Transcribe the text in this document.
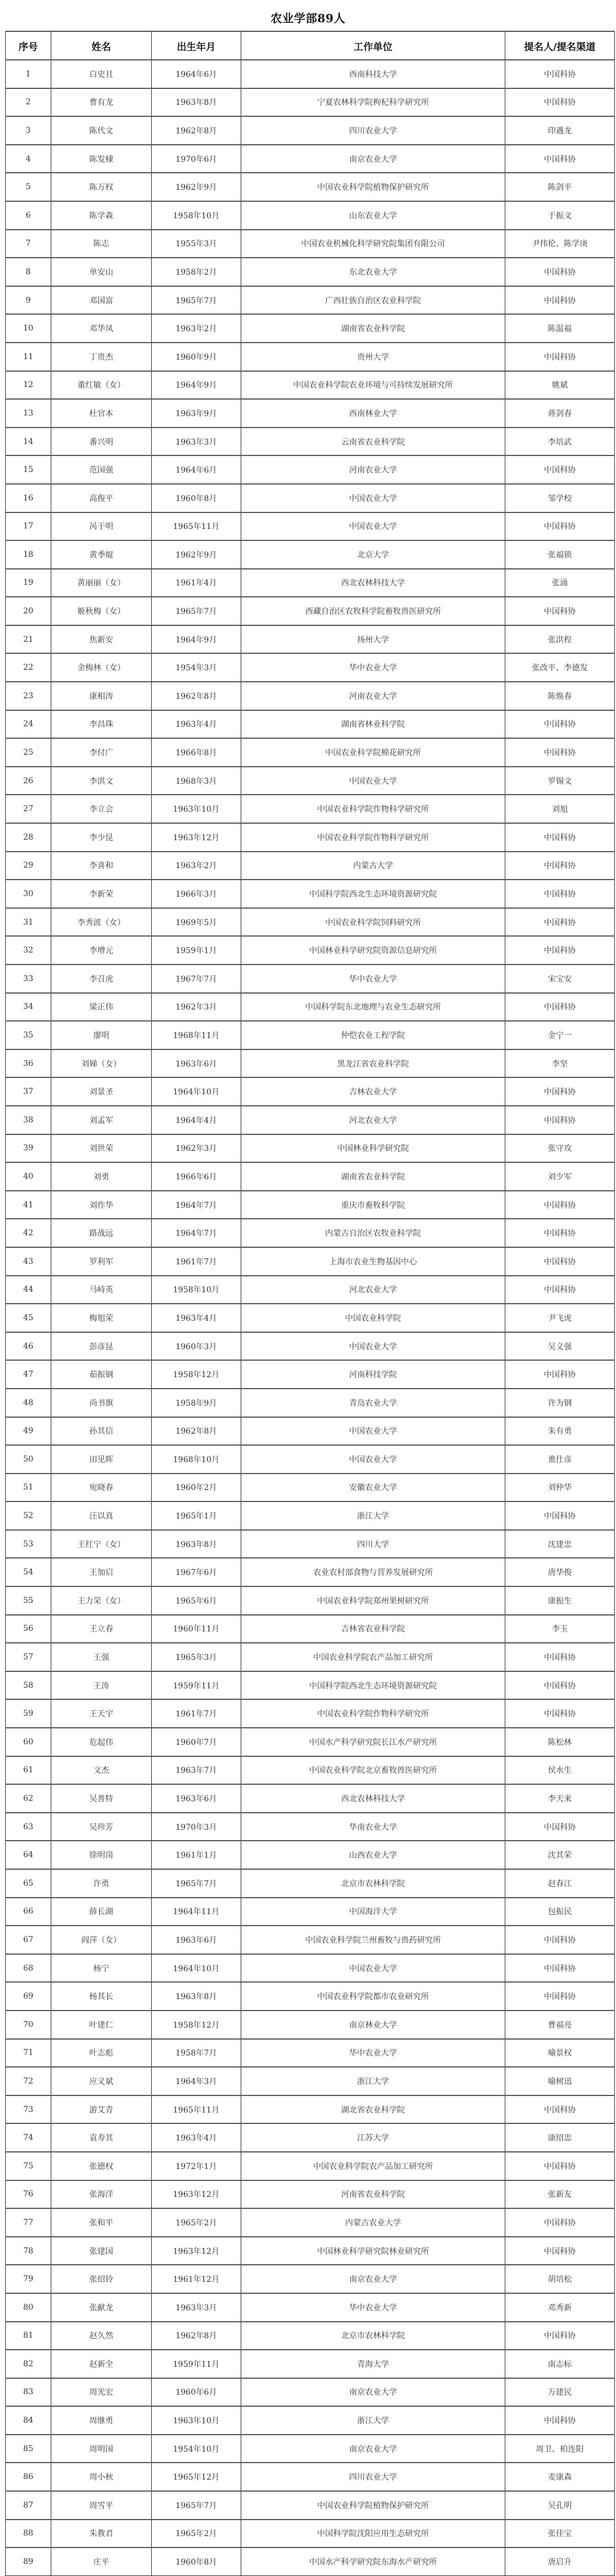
农业学部89人
序号	姓名	出生年月	工作单位	提名人/提名渠道
1	白史且	1964年6月	西南科技大学	中国科协
2	曹有龙	1963年8月	宁夏农林科学院枸杞科学研究所	中国科协
3	陈代文	1962年8月	四川农业大学	印遇龙
4	陈发棣	1970年6月	南京农业大学	中国科协
5	陈万权	1962年9月	中国农业科学院植物保护研究所	陈剑平
6	陈学森	1958年10月	山东农业大学	于振文
7	陈志	1955年3月	中国农业机械化科学研究院集团有限公司	尹伟伦、陈学庚
8	单安山	1958年2月	东北农业大学	中国科协
9	邓国富	1965年7月	广西壮族自治区农业科学院	中国科协
10	邓华凤	1963年2月	湖南省农业科学院	陈温福
11	丁贵杰	1960年9月	贵州大学	中国科协
12	董红敏（女）	1964年9月	中国农业科学院农业环境与可持续发展研究所	姚斌
13	杜官本	1963年9月	西南林业大学	蒋剑春
14	番兴明	1963年3月	云南省农业科学院	李培武
15	范国强	1964年6月	河南农业大学	中国科协
16	高俊平	1960年8月	中国农业大学	邹学校
17	呙于明	1965年11月	中国农业大学	中国科协
18	黄季焜	1962年9月	北京大学	张福锁
19	黄丽丽（女）	1961年4月	西北农林科技大学	张涌
20	姬秋梅（女）	1965年7月	西藏自治区农牧科学院畜牧兽医研究所	中国科协
21	焦新安	1964年9月	扬州大学	张洪程
22	金梅林（女）	1954年3月	华中农业大学	张改平、李德发
23	康相涛	1962年8月	河南农业大学	陈焕春
24	李昌珠	1963年4月	湖南省林业科学院	中国科协
25	李付广	1966年8月	中国农业科学院棉花研究所	中国科协
26	李洪文	1968年3月	中国农业大学	罗锡文
27	李立会	1963年10月	中国农业科学院作物科学研究所	刘旭
28	李少昆	1963年12月	中国农业科学院作物科学研究所	中国科协
29	李喜和	1963年2月	内蒙古大学	中国科协
30	李新荣	1966年3月	中国科学院西北生态环境资源研究院	中国科协
31	李秀波（女）	1969年5月	中国农业科学院饲料研究所	中国科协
32	李增元	1959年1月	中国林业科学研究院资源信息研究所	中国科协
33	李召虎	1967年7月	华中农业大学	宋宝安
34	梁正伟	1962年3月	中国科学院东北地理与农业生态研究所	中国科协
35	廖明	1968年11月	仲恺农业工程学院	金宁一
36	刘娣（女）	1963年6月	黑龙江省农业科学院	李坚
37	刘景圣	1964年10月	吉林农业大学	中国科协
38	刘孟军	1964年4月	河北农业大学	中国科协
39	刘世荣	1962年3月	中国林业科学研究院	张守攻
40	刘勇	1966年6月	湖南省农业科学院	刘少军
41	刘作华	1964年7月	重庆市畜牧科学院	中国科协
42	路战远	1964年7月	内蒙古自治区农牧业科学院	中国科协
43	罗利军	1961年7月	上海市农业生物基因中心	中国科协
44	马峙英	1958年10月	河北农业大学	中国科协
45	梅旭荣	1963年4月	中国农业科学院	尹飞虎
46	彭彦昆	1960年3月	中国农业大学	吴义强
47	茹振钢	1958年12月	河南科技学院	中国科协
48	尚书旗	1958年9月	青岛农业大学	许为钢
49	孙其信	1962年8月	中国农业大学	朱有勇
50	田见晖	1968年10月	中国农业大学	谯仕彦
51	宛晓春	1960年2月	安徽农业大学	刘仲华
52	汪以真	1965年1月	浙江大学	中国科协
53	王红宁（女）	1963年8月	四川大学	沈建忠
54	王加启	1967年6月	农业农村部食物与营养发展研究所	唐华俊
55	王力荣（女）	1965年6月	中国农业科学院郑州果树研究所	康振生
56	王立春	1960年11月	吉林省农业科学院	李玉
57	王强	1965年3月	中国农业科学院农产品加工研究所	中国科协
58	王涛	1959年11月	中国科学院西北生态环境资源研究院	中国科协
59	王天宇	1961年7月	中国农业科学院作物科学研究所	中国科协
60	危起伟	1960年7月	中国水产科学研究院长江水产研究所	陈松林
61	文杰	1963年7月	中国农业科学院北京畜牧兽医研究所	侯水生
62	吴普特	1963年6月	西北农林科技大学	李天来
63	吴珍芳	1970年3月	华南农业大学	中国科协
64	徐明岗	1961年1月	山西农业大学	沈其荣
65	许勇	1965年7月	北京市农林科学院	赵春江
66	薛长湖	1964年11月	中国海洋大学	包振民
67	阎萍（女）	1963年6月	中国农业科学院兰州畜牧与兽药研究所	中国科协
68	杨宁	1964年10月	中国农业大学	中国科协
69	杨其长	1963年8月	中国农业科学院都市农业研究所	中国科协
70	叶建仁	1958年12月	南京林业大学	曹福亮
71	叶志彪	1958年7月	华中农业大学	喻景权
72	应义斌	1964年3月	浙江大学	喻树迅
73	游艾青	1965年11月	湖北省农业科学院	中国科协
74	袁寿其	1963年4月	江苏大学	康绍忠
75	张德权	1972年1月	中国农业科学院农产品加工研究所	中国科协
76	张海洋	1963年12月	河南省农业科学院	张新友
77	张和平	1965年2月	内蒙古农业大学	中国科协
78	张建国	1963年12月	中国林业科学研究院林业研究所	中国科协
79	张绍铃	1961年12月	南京农业大学	胡培松
80	张献龙	1963年3月	华中农业大学	邓秀新
81	赵久然	1962年8月	北京市农林科学院	中国科协
82	赵新全	1959年11月	青海大学	南志标
83	周光宏	1960年6月	南京农业大学	万建民
84	周继勇	1963年10月	浙江大学	中国科协
85	周明国	1954年10月	南京农业大学	周卫、柏连阳
86	周小秋	1965年12月	四川农业大学	麦康森
87	周雪平	1965年7月	中国农业科学院植物保护研究所	吴孔明
88	朱教君	1965年2月	中国科学院沈阳应用生态研究所	张佳宝
89	庄平	1960年8月	中国水产科学研究院东海水产研究所	唐启升
